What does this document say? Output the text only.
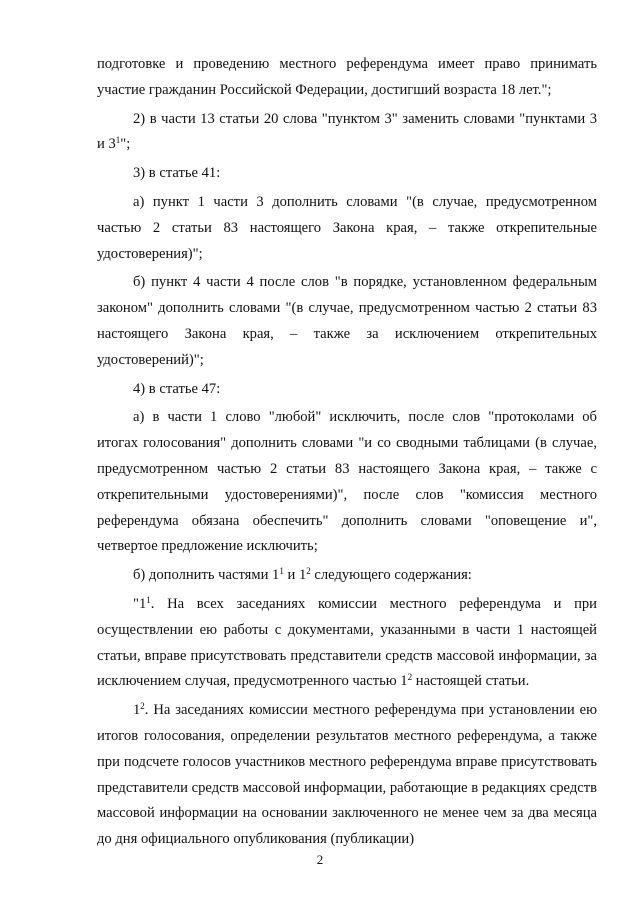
подготовке и проведению местного референдума имеет право принимать участие гражданин Российской Федерации, достигший возраста 18 лет.";

2) в части 13 статьи 20 слова "пунктом 3" заменить словами "пунктами 3 и $3^1$";

3) в статье 41:

а) пункт 1 части 3 дополнить словами "(в случае, предусмотренном частью 2 статьи 83 настоящего Закона края, – также открепительные удостоверения)";

б) пункт 4 части 4 после слов "в порядке, установленном федеральным законом" дополнить словами "(в случае, предусмотренном частью 2 статьи 83 настоящего Закона края, – также за исключением открепительных удостоверений)";

4) в статье 47:

а) в части 1 слово "любой" исключить, после слов "протоколами об итогах голосования" дополнить словами "и со сводными таблицами (в случае, предусмотренном частью 2 статьи 83 настоящего Закона края, – также с открепительными удостоверениями)", после слов "комиссия местного референдума обязана обеспечить" дополнить словами "оповещение и", четвертое предложение исключить;

б) дополнить частями $1^1$ и $1^2$ следующего содержания:

"$1^1$. На всех заседаниях комиссии местного референдума и при осуществлении ею работы с документами, указанными в части 1 настоящей статьи, вправе присутствовать представители средств массовой информации, за исключением случая, предусмотренного частью $1^2$ настоящей статьи.

$1^2$. На заседаниях комиссии местного референдума при установлении ею итогов голосования, определении результатов местного референдума, а также при подсчете голосов участников местного референдума вправе присутствовать представители средств массовой информации, работающие в редакциях средств массовой информации на основании заключенного не менее чем за два месяца до дня официального опубликования (публикации)

2
